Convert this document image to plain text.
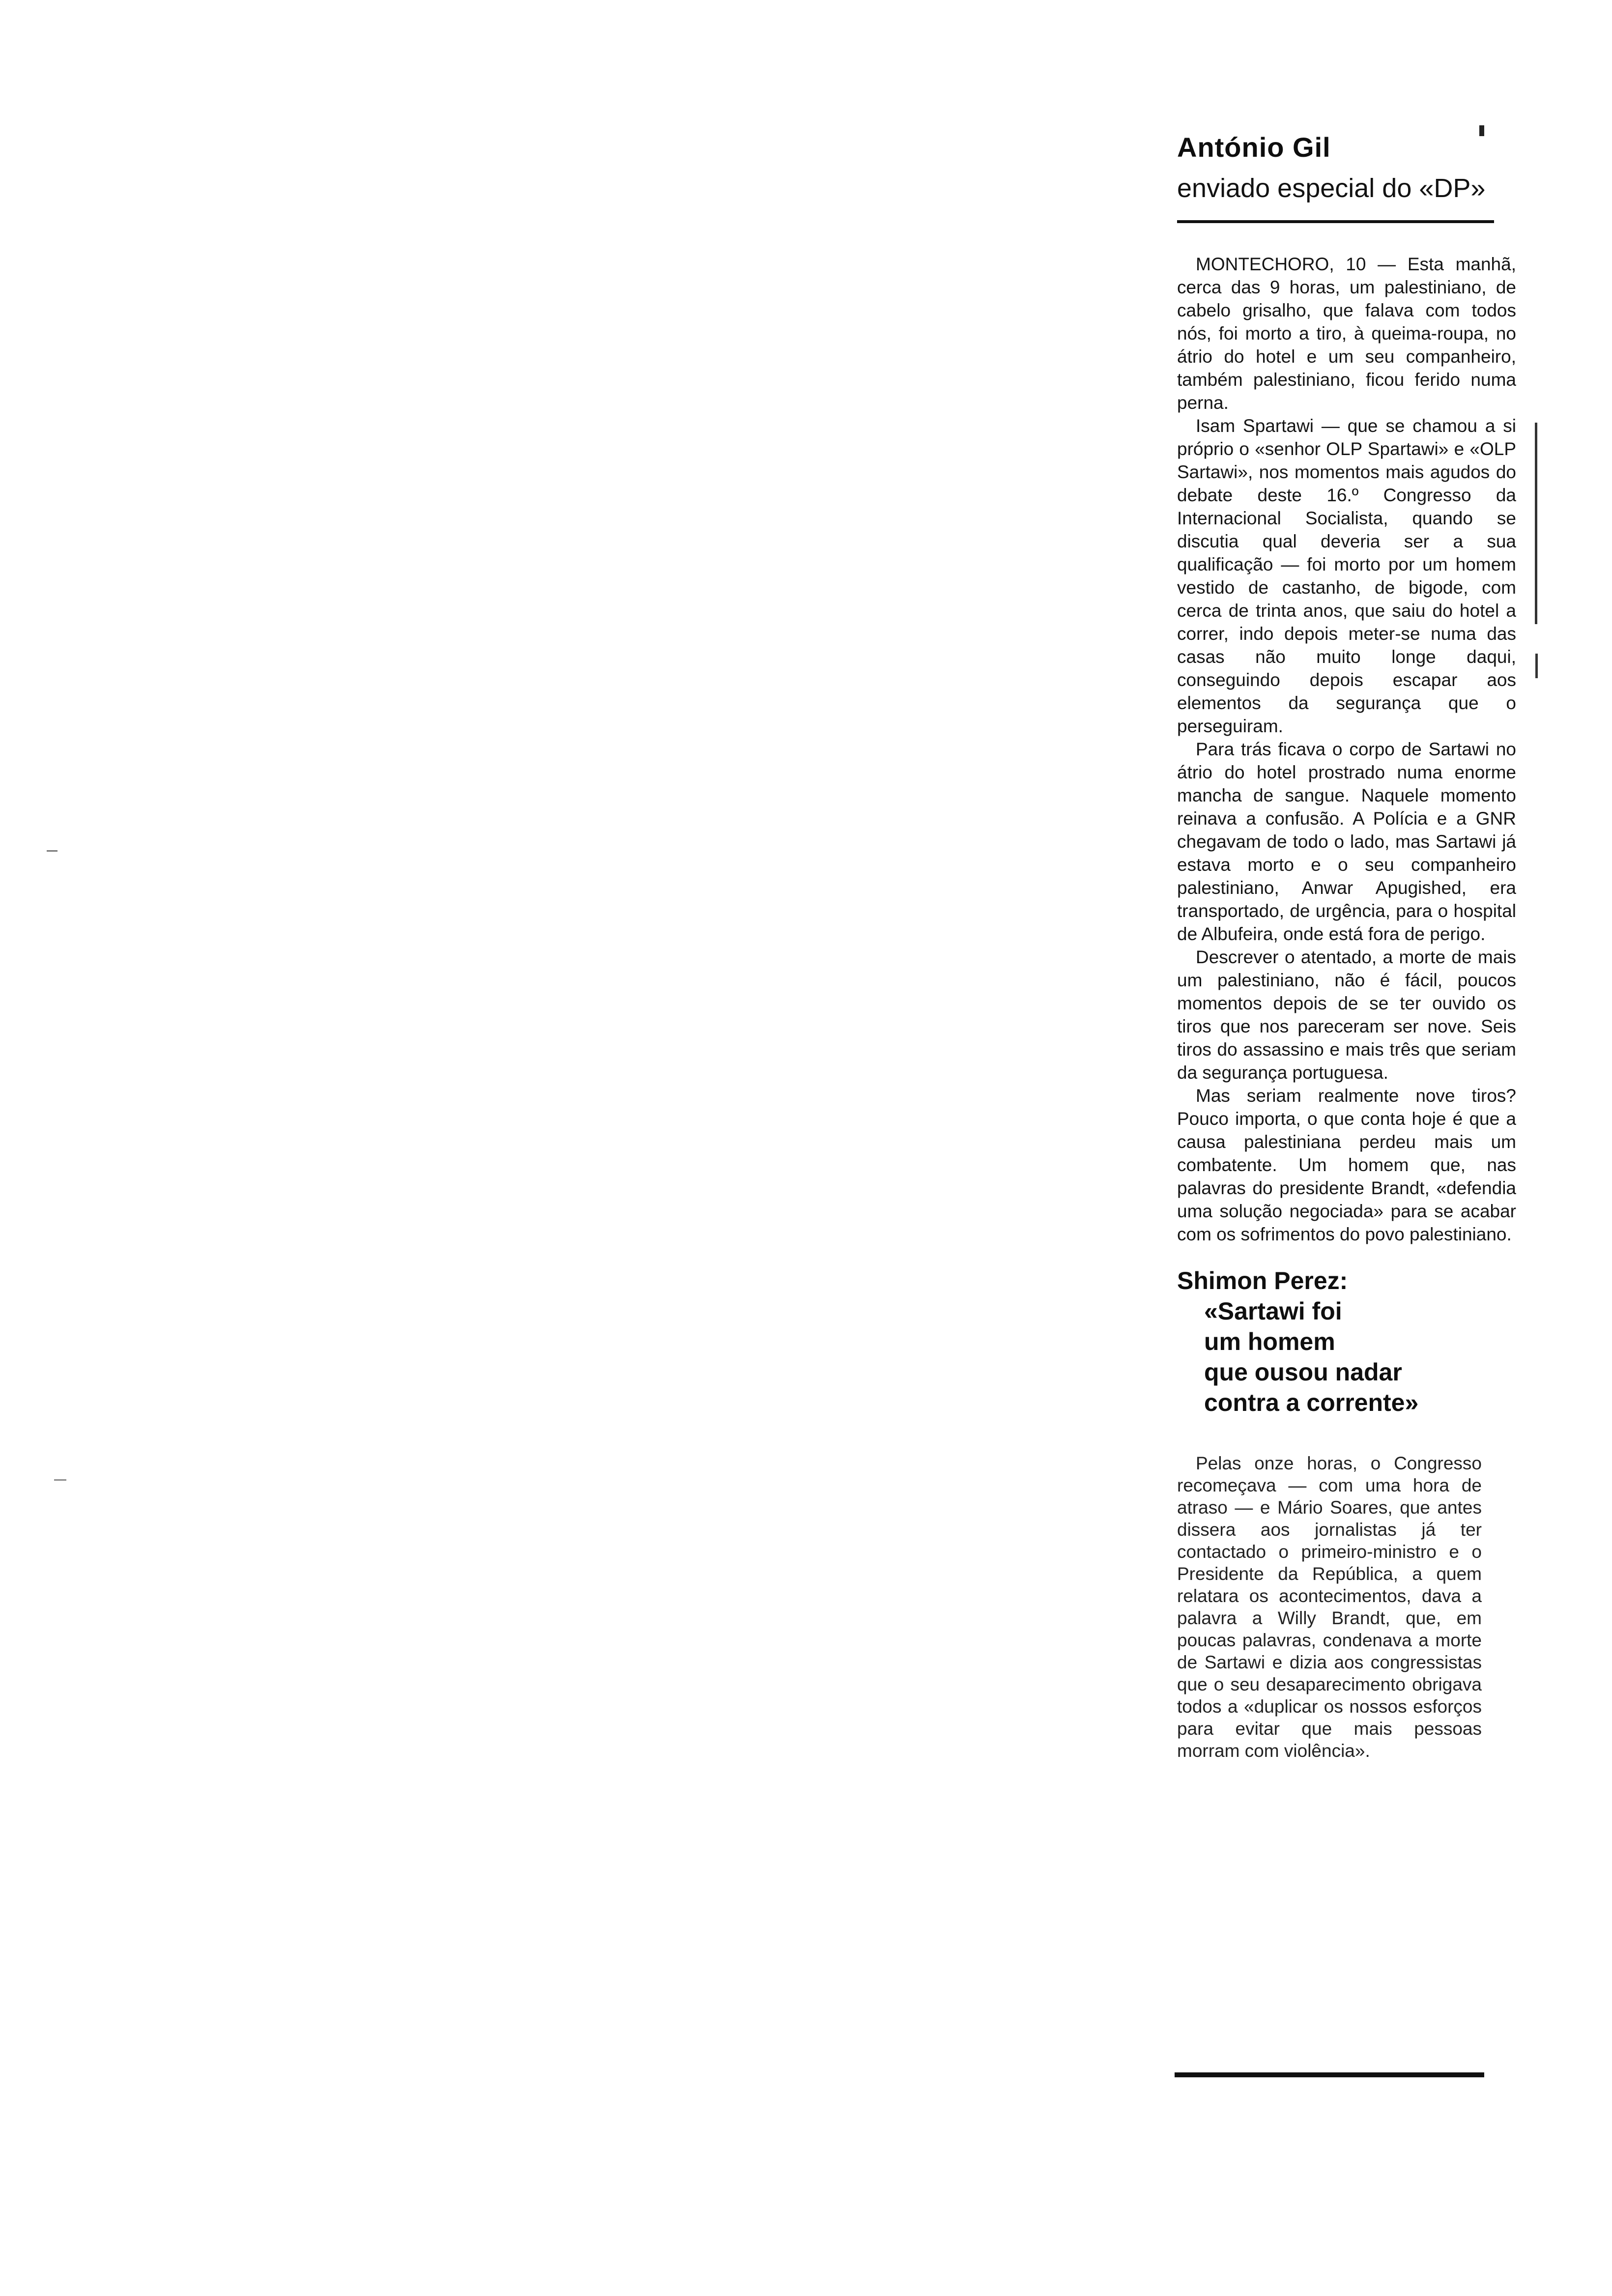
António Gil
enviado especial do «DP»

MONTECHORO, 10 — Esta manhã, cerca das 9 horas, um palestiniano, de cabelo grisalho, que falava com todos nós, foi morto a tiro, à queima-roupa, no átrio do hotel e um seu companheiro, também palestiniano, ficou ferido numa perna.

Isam Spartawi — que se chamou a si próprio o «senhor OLP Spartawi» e «OLP Sartawi», nos momentos mais agudos do debate deste 16.º Congresso da Internacional Socialista, quando se discutia qual deveria ser a sua qualificação — foi morto por um homem vestido de castanho, de bigode, com cerca de trinta anos, que saiu do hotel a correr, indo depois meter-se numa das casas não muito longe daqui, conseguindo depois escapar aos elementos da segurança que o perseguiram.

Para trás ficava o corpo de Sartawi no átrio do hotel prostrado numa enorme mancha de sangue. Naquele momento reinava a confusão. A Polícia e a GNR chegavam de todo o lado, mas Sartawi já estava morto e o seu companheiro palestiniano, Anwar Apugished, era transportado, de urgência, para o hospital de Albufeira, onde está fora de perigo.

Descrever o atentado, a morte de mais um palestiniano, não é fácil, poucos momentos depois de se ter ouvido os tiros que nos pareceram ser nove. Seis tiros do assassino e mais três que seriam da segurança portuguesa.

Mas seriam realmente nove tiros? Pouco importa, o que conta hoje é que a causa palestiniana perdeu mais um combatente. Um homem que, nas palavras do presidente Brandt, «defendia uma solução negociada» para se acabar com os sofrimentos do povo palestiniano.

Shimon Perez:
«Sartawi foi
um homem
que ousou nadar
contra a corrente»

Pelas onze horas, o Congresso recomeçava — com uma hora de atraso — e Mário Soares, que antes dissera aos jornalistas já ter contactado o primeiro-ministro e o Presidente da República, a quem relatara os acontecimentos, dava a palavra a Willy Brandt, que, em poucas palavras, condenava a morte de Sartawi e dizia aos congressistas que o seu desaparecimento obrigava todos a «duplicar os nossos esforços para evitar que mais pessoas morram com violência».
